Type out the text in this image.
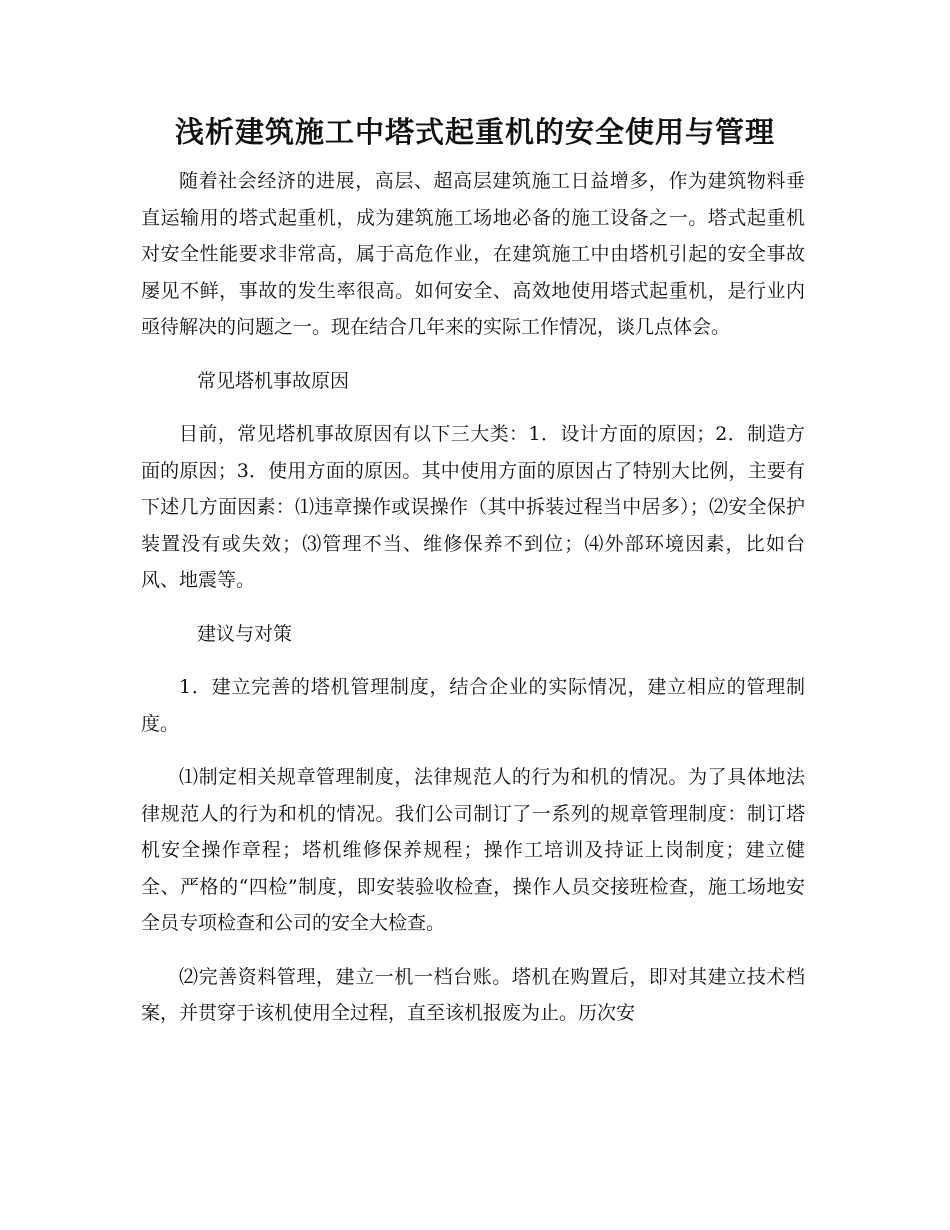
浅析建筑施工中塔式起重机的安全使用与管理

随着社会经济的进展，高层、超高层建筑施工日益增多，作为建筑物料垂直运输用的塔式起重机，成为建筑施工场地必备的施工设备之一。塔式起重机对安全性能要求非常高，属于高危作业，在建筑施工中由塔机引起的安全事故屡见不鲜，事故的发生率很高。如何安全、高效地使用塔式起重机，是行业内亟待解决的问题之一。现在结合几年来的实际工作情况，谈几点体会。

常见塔机事故原因

目前，常见塔机事故原因有以下三大类：1．设计方面的原因；2．制造方面的原因；3．使用方面的原因。其中使用方面的原因占了特别大比例，主要有下述几方面因素：⑴违章操作或误操作（其中拆装过程当中居多）；⑵安全保护装置没有或失效；⑶管理不当、维修保养不到位；⑷外部环境因素，比如台风、地震等。

建议与对策

1．建立完善的塔机管理制度，结合企业的实际情况，建立相应的管理制度。

⑴制定相关规章管理制度，法律规范人的行为和机的情况。为了具体地法律规范人的行为和机的情况。我们公司制订了一系列的规章管理制度：制订塔机安全操作章程；塔机维修保养规程；操作工培训及持证上岗制度；建立健全、严格的“四检”制度，即安装验收检查，操作人员交接班检查，施工场地安全员专项检查和公司的安全大检查。

⑵完善资料管理，建立一机一档台账。塔机在购置后，即对其建立技术档案，并贯穿于该机使用全过程，直至该机报废为止。历次安
